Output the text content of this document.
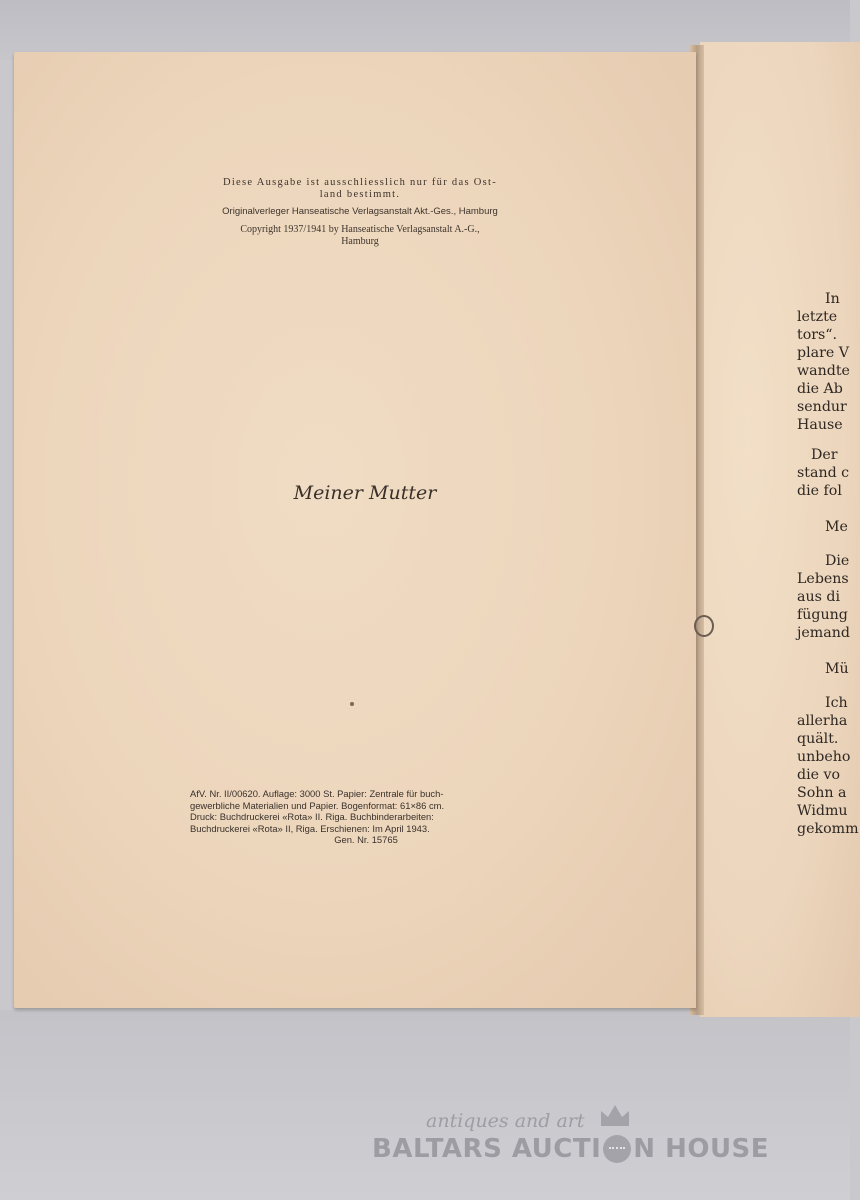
Diese Ausgabe ist ausschliesslich nur für das Ost-
land bestimmt.
Originalverleger Hanseatische Verlagsanstalt Akt.-Ges., Hamburg
Copyright 1937/1941 by Hanseatische Verlagsanstalt A.-G.,
Hamburg
Meiner Mutter
AfV. Nr. II/00620. Auflage: 3000 St. Papier: Zentrale für buch-
gewerbliche Materialien und Papier. Bogenformat: 61×86 cm.
Druck: Buchdruckerei «Rota» II. Riga. Buchbinderarbeiten:
Buchdruckerei «Rota» II, Riga. Erschienen: Im April 1943.
Gen. Nr. 15765
In
letzte
tors“.
plare V
wandte
die Ab
sendur
Hause
Der
stand c
die fol
Me
Die
Lebens
aus di
fügung
jemand
Mü
Ich
allerha
quält.
unbeho
die vo
Sohn a
Widmu
gekomm
antiques and art
BALTARS AUCTI N HOUSE
